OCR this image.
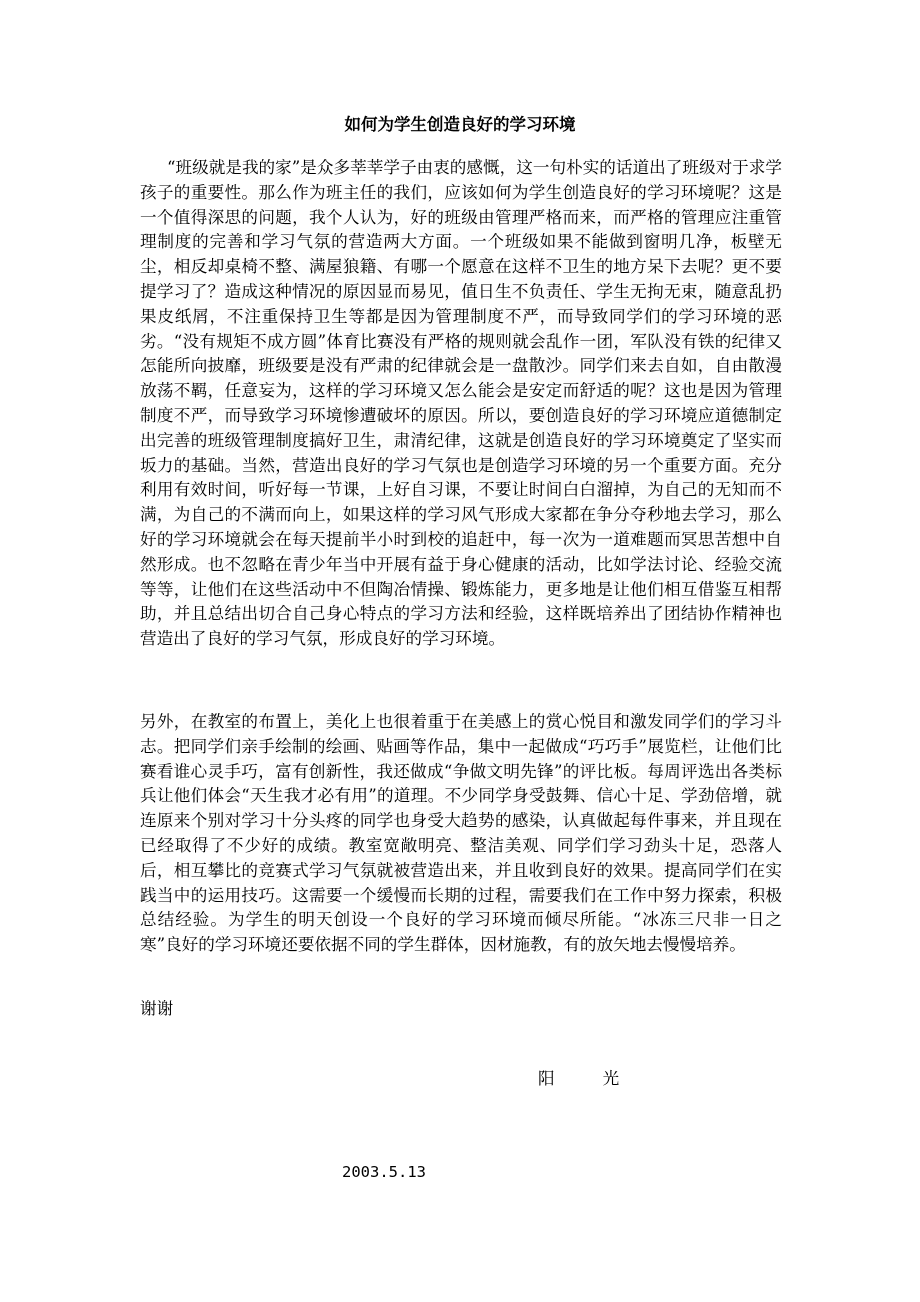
如何为学生创造良好的学习环境

“班级就是我的家”是众多莘莘学子由衷的感慨，这一句朴实的话道出了班级对于求学孩子的重要性。那么作为班主任的我们，应该如何为学生创造良好的学习环境呢？这是一个值得深思的问题，我个人认为，好的班级由管理严格而来，而严格的管理应注重管理制度的完善和学习气氛的营造两大方面。一个班级如果不能做到窗明几净，板壁无尘，相反却桌椅不整、满屋狼籍、有哪一个愿意在这样不卫生的地方呆下去呢？更不要提学习了？造成这种情况的原因显而易见，值日生不负责任、学生无拘无束，随意乱扔果皮纸屑，不注重保持卫生等都是因为管理制度不严，而导致同学们的学习环境的恶劣。“没有规矩不成方圆”体育比赛没有严格的规则就会乱作一团，军队没有铁的纪律又怎能所向披靡，班级要是没有严肃的纪律就会是一盘散沙。同学们来去自如，自由散漫放荡不羁，任意妄为，这样的学习环境又怎么能会是安定而舒适的呢？这也是因为管理制度不严，而导致学习环境惨遭破坏的原因。所以，要创造良好的学习环境应道德制定出完善的班级管理制度搞好卫生，肃清纪律，这就是创造良好的学习环境奠定了坚实而坂力的基础。当然，营造出良好的学习气氛也是创造学习环境的另一个重要方面。充分利用有效时间，听好每一节课，上好自习课，不要让时间白白溜掉，为自己的无知而不满，为自己的不满而向上，如果这样的学习风气形成大家都在争分夺秒地去学习，那么好的学习环境就会在每天提前半小时到校的追赶中，每一次为一道难题而冥思苦想中自然形成。也不忽略在青少年当中开展有益于身心健康的活动，比如学法讨论、经验交流等等，让他们在这些活动中不但陶冶情操、锻炼能力，更多地是让他们相互借鉴互相帮助，并且总结出切合自己身心特点的学习方法和经验，这样既培养出了团结协作精神也营造出了良好的学习气氛，形成良好的学习环境。

另外，在教室的布置上，美化上也很着重于在美感上的赏心悦目和激发同学们的学习斗志。把同学们亲手绘制的绘画、贴画等作品，集中一起做成“巧巧手”展览栏，让他们比赛看谁心灵手巧，富有创新性，我还做成“争做文明先锋”的评比板。每周评选出各类标兵让他们体会“天生我才必有用”的道理。不少同学身受鼓舞、信心十足、学劲倍增，就连原来个别对学习十分头疼的同学也身受大趋势的感染，认真做起每件事来，并且现在已经取得了不少好的成绩。教室宽敞明亮、整洁美观、同学们学习劲头十足，恐落人后，相互攀比的竞赛式学习气氛就被营造出来，并且收到良好的效果。提高同学们在实践当中的运用技巧。这需要一个缓慢而长期的过程，需要我们在工作中努力探索，积极总结经验。为学生的明天创设一个良好的学习环境而倾尽所能。“冰冻三尺非一日之寒”良好的学习环境还要依据不同的学生群体，因材施教，有的放矢地去慢慢培养。

谢谢
阳光
2003.5.13
